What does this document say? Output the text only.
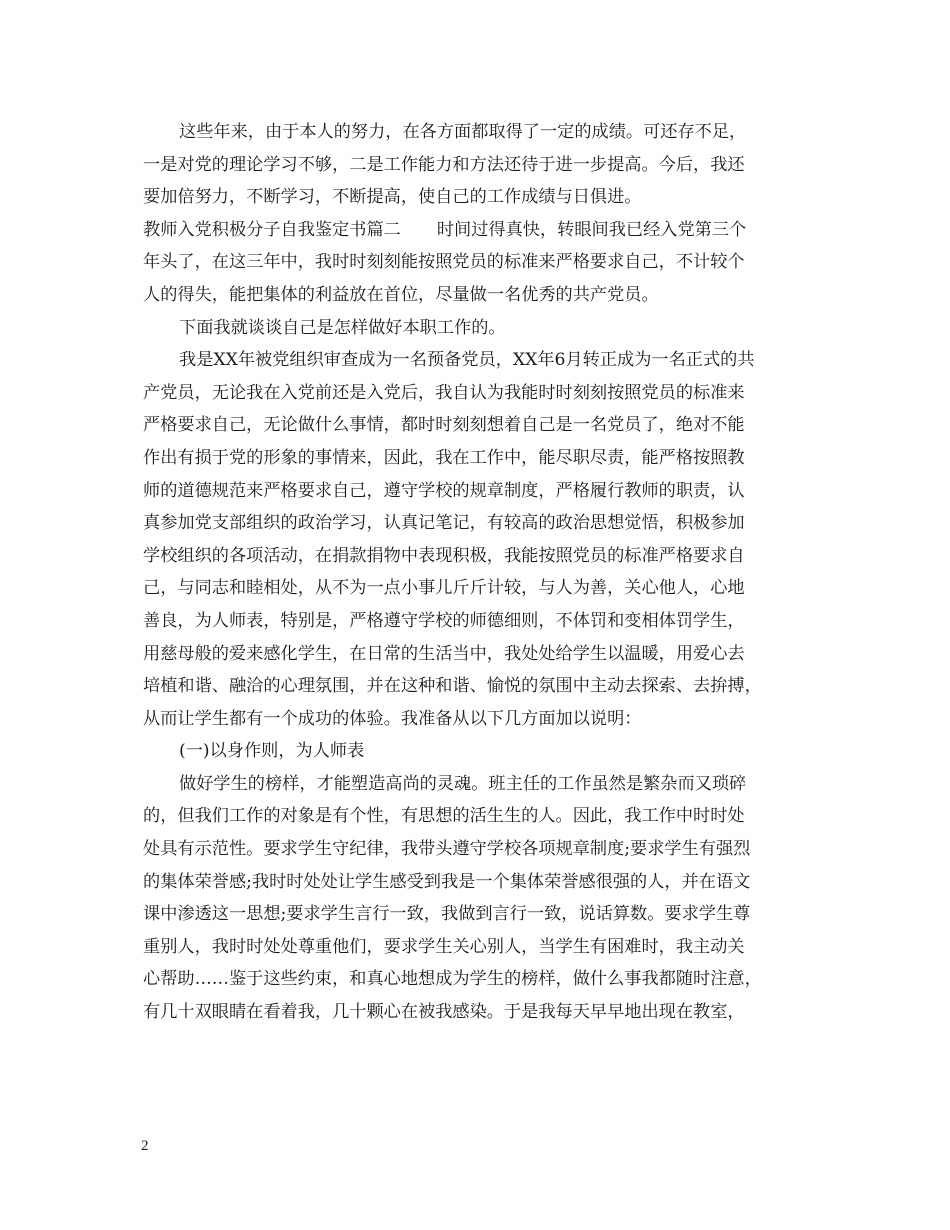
这些年来，由于本人的努力，在各方面都取得了一定的成绩。可还存不足，
一是对党的理论学习不够，二是工作能力和方法还待于进一步提高。今后，我还
要加倍努力，不断学习，不断提高，使自己的工作成绩与日俱进。
教师入党积极分子自我鉴定书篇二 时间过得真快，转眼间我已经入党第三个
年头了，在这三年中，我时时刻刻能按照党员的标准来严格要求自己，不计较个
人的得失，能把集体的利益放在首位，尽量做一名优秀的共产党员。
下面我就谈谈自己是怎样做好本职工作的。
我是XX年被党组织审查成为一名预备党员，XX年6月转正成为一名正式的共
产党员，无论我在入党前还是入党后，我自认为我能时时刻刻按照党员的标准来
严格要求自己，无论做什么事情，都时时刻刻想着自己是一名党员了，绝对不能
作出有损于党的形象的事情来，因此，我在工作中，能尽职尽责，能严格按照教
师的道德规范来严格要求自己，遵守学校的规章制度，严格履行教师的职责，认
真参加党支部组织的政治学习，认真记笔记，有较高的政治思想觉悟，积极参加
学校组织的各项活动，在捐款捐物中表现积极，我能按照党员的标准严格要求自
己，与同志和睦相处，从不为一点小事儿斤斤计较，与人为善，关心他人，心地
善良，为人师表，特别是，严格遵守学校的师德细则，不体罚和变相体罚学生，
用慈母般的爱来感化学生，在日常的生活当中，我处处给学生以温暖，用爱心去
培植和谐、融洽的心理氛围，并在这种和谐、愉悦的氛围中主动去探索、去拚搏，
从而让学生都有一个成功的体验。我准备从以下几方面加以说明：
(一)以身作则，为人师表
做好学生的榜样，才能塑造高尚的灵魂。班主任的工作虽然是繁杂而又琐碎
的，但我们工作的对象是有个性，有思想的活生生的人。因此，我工作中时时处
处具有示范性。要求学生守纪律，我带头遵守学校各项规章制度;要求学生有强烈
的集体荣誉感;我时时处处让学生感受到我是一个集体荣誉感很强的人，并在语文
课中渗透这一思想;要求学生言行一致，我做到言行一致，说话算数。要求学生尊
重别人，我时时处处尊重他们，要求学生关心别人，当学生有困难时，我主动关
心帮助……鉴于这些约束，和真心地想成为学生的榜样，做什么事我都随时注意，
有几十双眼睛在看着我，几十颗心在被我感染。于是我每天早早地出现在教室，
2
